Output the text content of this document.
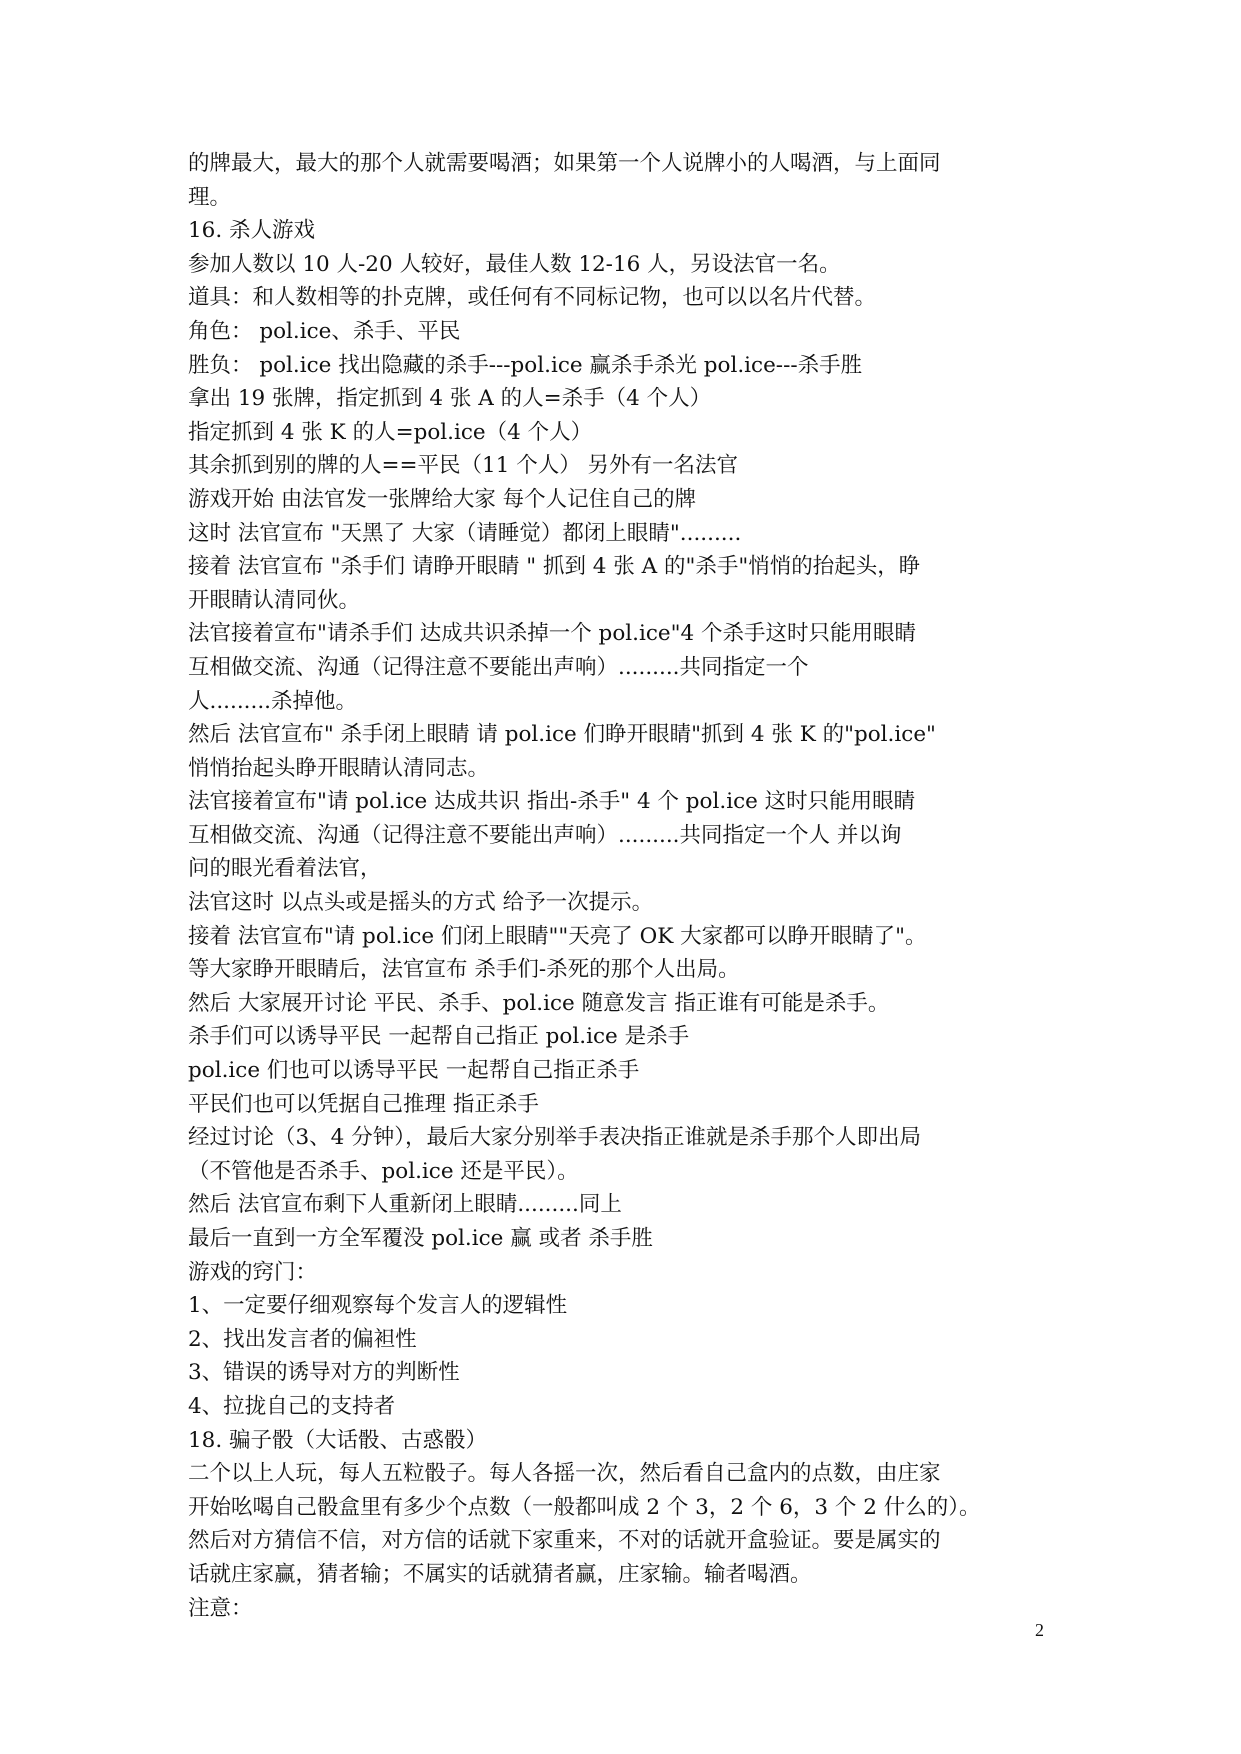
的牌最大，最大的那个人就需要喝酒；如果第一个人说牌小的人喝酒，与上面同
理。
16. 杀人游戏
参加人数以 10 人-20 人较好，最佳人数 12-16 人，另设法官一名。
道具：和人数相等的扑克牌，或任何有不同标记物，也可以以名片代替。
角色： pol.ice、杀手、平民
胜负： pol.ice 找出隐藏的杀手---pol.ice 赢杀手杀光 pol.ice---杀手胜
拿出 19 张牌，指定抓到 4 张 A 的人=杀手（4 个人）
指定抓到 4 张 K 的人=pol.ice（4 个人）
其余抓到别的牌的人==平民（11 个人） 另外有一名法官
游戏开始 由法官发一张牌给大家 每个人记住自己的牌
这时 法官宣布 "天黑了 大家（请睡觉）都闭上眼睛".........
接着 法官宣布 "杀手们 请睁开眼睛 " 抓到 4 张 A 的"杀手"悄悄的抬起头，睁
开眼睛认清同伙。
法官接着宣布"请杀手们 达成共识杀掉一个 pol.ice"4 个杀手这时只能用眼睛
互相做交流、沟通（记得注意不要能出声响）.........共同指定一个
人.........杀掉他。
然后 法官宣布" 杀手闭上眼睛 请 pol.ice 们睁开眼睛"抓到 4 张 K 的"pol.ice"
悄悄抬起头睁开眼睛认清同志。
法官接着宣布"请 pol.ice 达成共识 指出-杀手" 4 个 pol.ice 这时只能用眼睛
互相做交流、沟通（记得注意不要能出声响）.........共同指定一个人 并以询
问的眼光看着法官，
法官这时 以点头或是摇头的方式 给予一次提示。
接着 法官宣布"请 pol.ice 们闭上眼睛""天亮了 OK 大家都可以睁开眼睛了"。
等大家睁开眼睛后，法官宣布 杀手们-杀死的那个人出局。
然后 大家展开讨论 平民、杀手、pol.ice 随意发言 指正谁有可能是杀手。
杀手们可以诱导平民 一起帮自己指正 pol.ice 是杀手
pol.ice 们也可以诱导平民 一起帮自己指正杀手
平民们也可以凭据自己推理 指正杀手
经过讨论（3、4 分钟），最后大家分别举手表决指正谁就是杀手那个人即出局
（不管他是否杀手、pol.ice 还是平民）。
然后 法官宣布剩下人重新闭上眼睛.........同上
最后一直到一方全军覆没 pol.ice 赢 或者 杀手胜
游戏的窍门：
1、一定要仔细观察每个发言人的逻辑性
2、找出发言者的偏袒性
3、错误的诱导对方的判断性
4、拉拢自己的支持者
18. 骗子骰（大话骰、古惑骰）
二个以上人玩，每人五粒骰子。每人各摇一次，然后看自己盒内的点数，由庄家
开始吆喝自己骰盒里有多少个点数（一般都叫成 2 个 3，2 个 6，3 个 2 什么的）。
然后对方猜信不信，对方信的话就下家重来，不对的话就开盒验证。要是属实的
话就庄家赢，猜者输；不属实的话就猜者赢，庄家输。输者喝酒。
注意：
2
